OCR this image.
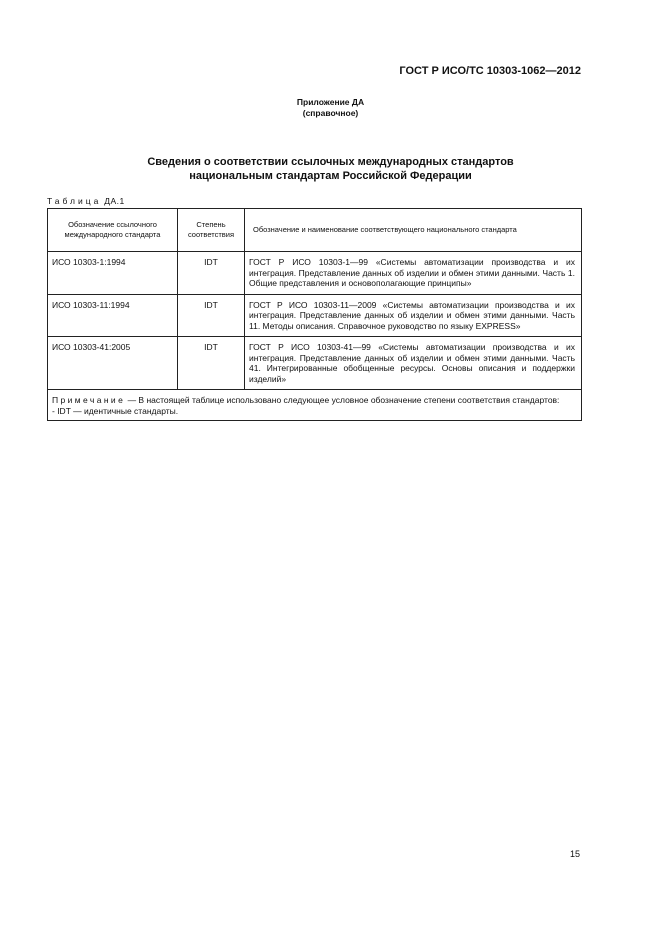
ГОСТ Р ИСО/ТС 10303-1062—2012
Приложение ДА
(справочное)
Сведения о соответствии ссылочных международных стандартов
национальным стандартам Российской Федерации
Таблица ДА.1
Обозначение ссылочного международного стандарта	Степень соответствия	Обозначение и наименование соответствующего национального стандарта
ИСО 10303-1:1994	IDT	ГОСТ Р ИСО 10303-1—99 «Системы автоматизации производства и их интеграция. Представление данных об изделии и обмен этими данными. Часть 1. Общие представления и основополагающие принципы»
ИСО 10303-11:1994	IDT	ГОСТ Р ИСО 10303-11—2009 «Системы автоматизации производства и их интеграция. Представление данных об изделии и обмен этими данными. Часть 11. Методы описания. Справочное руководство по языку EXPRESS»
ИСО 10303-41:2005	IDT	ГОСТ Р ИСО 10303-41—99 «Системы автоматизации производства и их интеграция. Представление данных об изделии и обмен этими данными. Часть 41. Интегрированные обобщенные ресурсы. Основы описания и поддержки изделий»

Примечание — В настоящей таблице использовано следующее условное обозначение степени соответствия стандартов:
- IDT — идентичные стандарты.		
15
